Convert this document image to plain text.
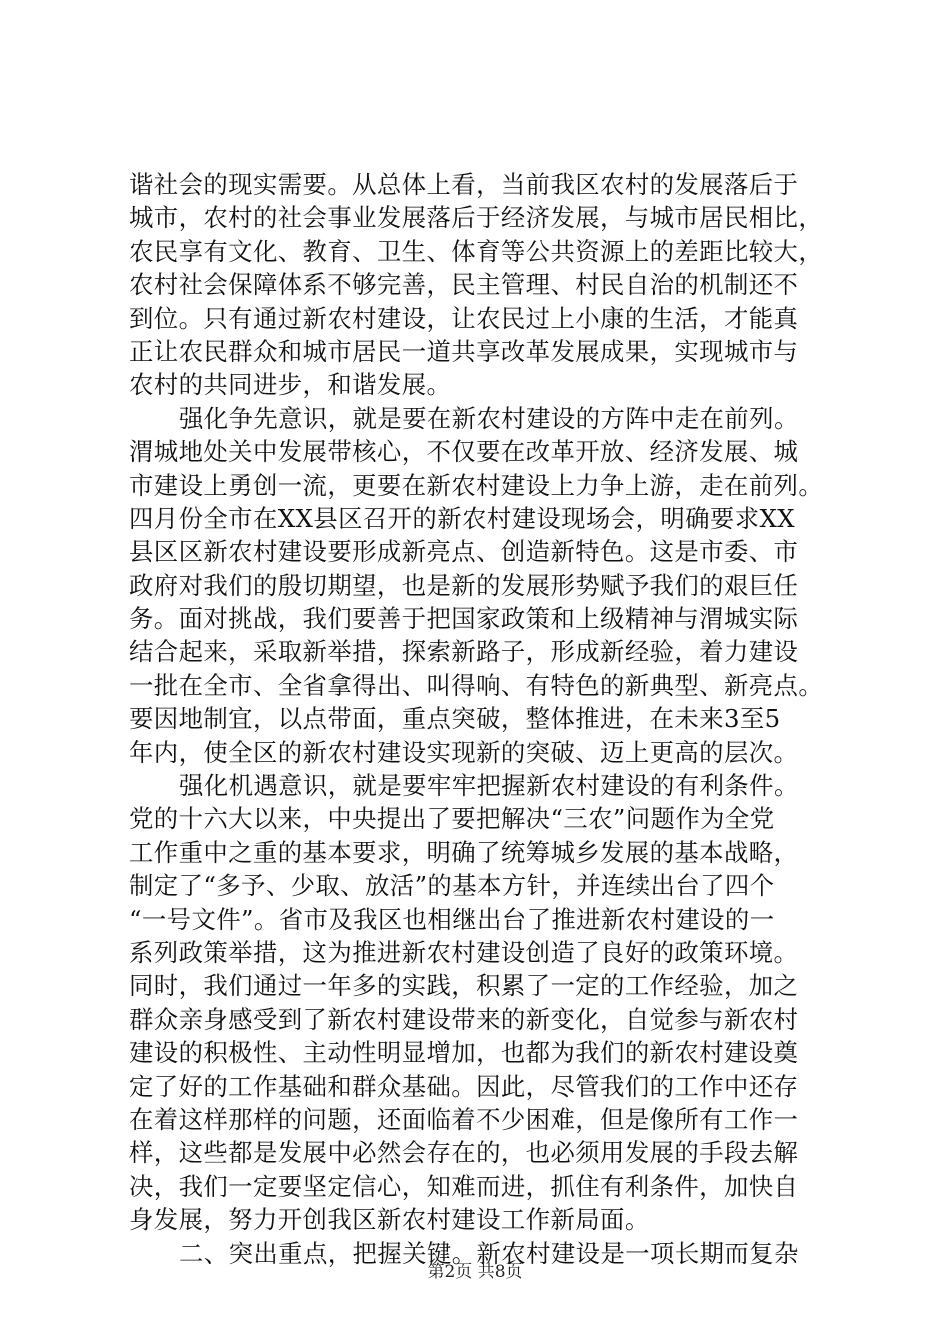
谐社会的现实需要。从总体上看，当前我区农村的发展落后于
城市，农村的社会事业发展落后于经济发展，与城市居民相比，
农民享有文化、教育、卫生、体育等公共资源上的差距比较大，
农村社会保障体系不够完善，民主管理、村民自治的机制还不
到位。只有通过新农村建设，让农民过上小康的生活，才能真
正让农民群众和城市居民一道共享改革发展成果，实现城市与
农村的共同进步，和谐发展。
强化争先意识，就是要在新农村建设的方阵中走在前列。
渭城地处关中发展带核心，不仅要在改革开放、经济发展、城
市建设上勇创一流，更要在新农村建设上力争上游，走在前列。
四月份全市在XX县区召开的新农村建设现场会，明确要求XX
县区区新农村建设要形成新亮点、创造新特色。这是市委、市
政府对我们的殷切期望，也是新的发展形势赋予我们的艰巨任
务。面对挑战，我们要善于把国家政策和上级精神与渭城实际
结合起来，采取新举措，探索新路子，形成新经验，着力建设
一批在全市、全省拿得出、叫得响、有特色的新典型、新亮点。
要因地制宜，以点带面，重点突破，整体推进，在未来3至5
年内，使全区的新农村建设实现新的突破、迈上更高的层次。
强化机遇意识，就是要牢牢把握新农村建设的有利条件。
党的十六大以来，中央提出了要把解决“三农”问题作为全党
工作重中之重的基本要求，明确了统筹城乡发展的基本战略，
制定了“多予、少取、放活”的基本方针，并连续出台了四个
“一号文件”。省市及我区也相继出台了推进新农村建设的一
系列政策举措，这为推进新农村建设创造了良好的政策环境。
同时，我们通过一年多的实践，积累了一定的工作经验，加之
群众亲身感受到了新农村建设带来的新变化，自觉参与新农村
建设的积极性、主动性明显增加，也都为我们的新农村建设奠
定了好的工作基础和群众基础。因此，尽管我们的工作中还存
在着这样那样的问题，还面临着不少困难，但是像所有工作一
样，这些都是发展中必然会存在的，也必须用发展的手段去解
决，我们一定要坚定信心，知难而进，抓住有利条件，加快自
身发展，努力开创我区新农村建设工作新局面。
二、突出重点，把握关键。新农村建设是一项长期而复杂
第2页 共8页
